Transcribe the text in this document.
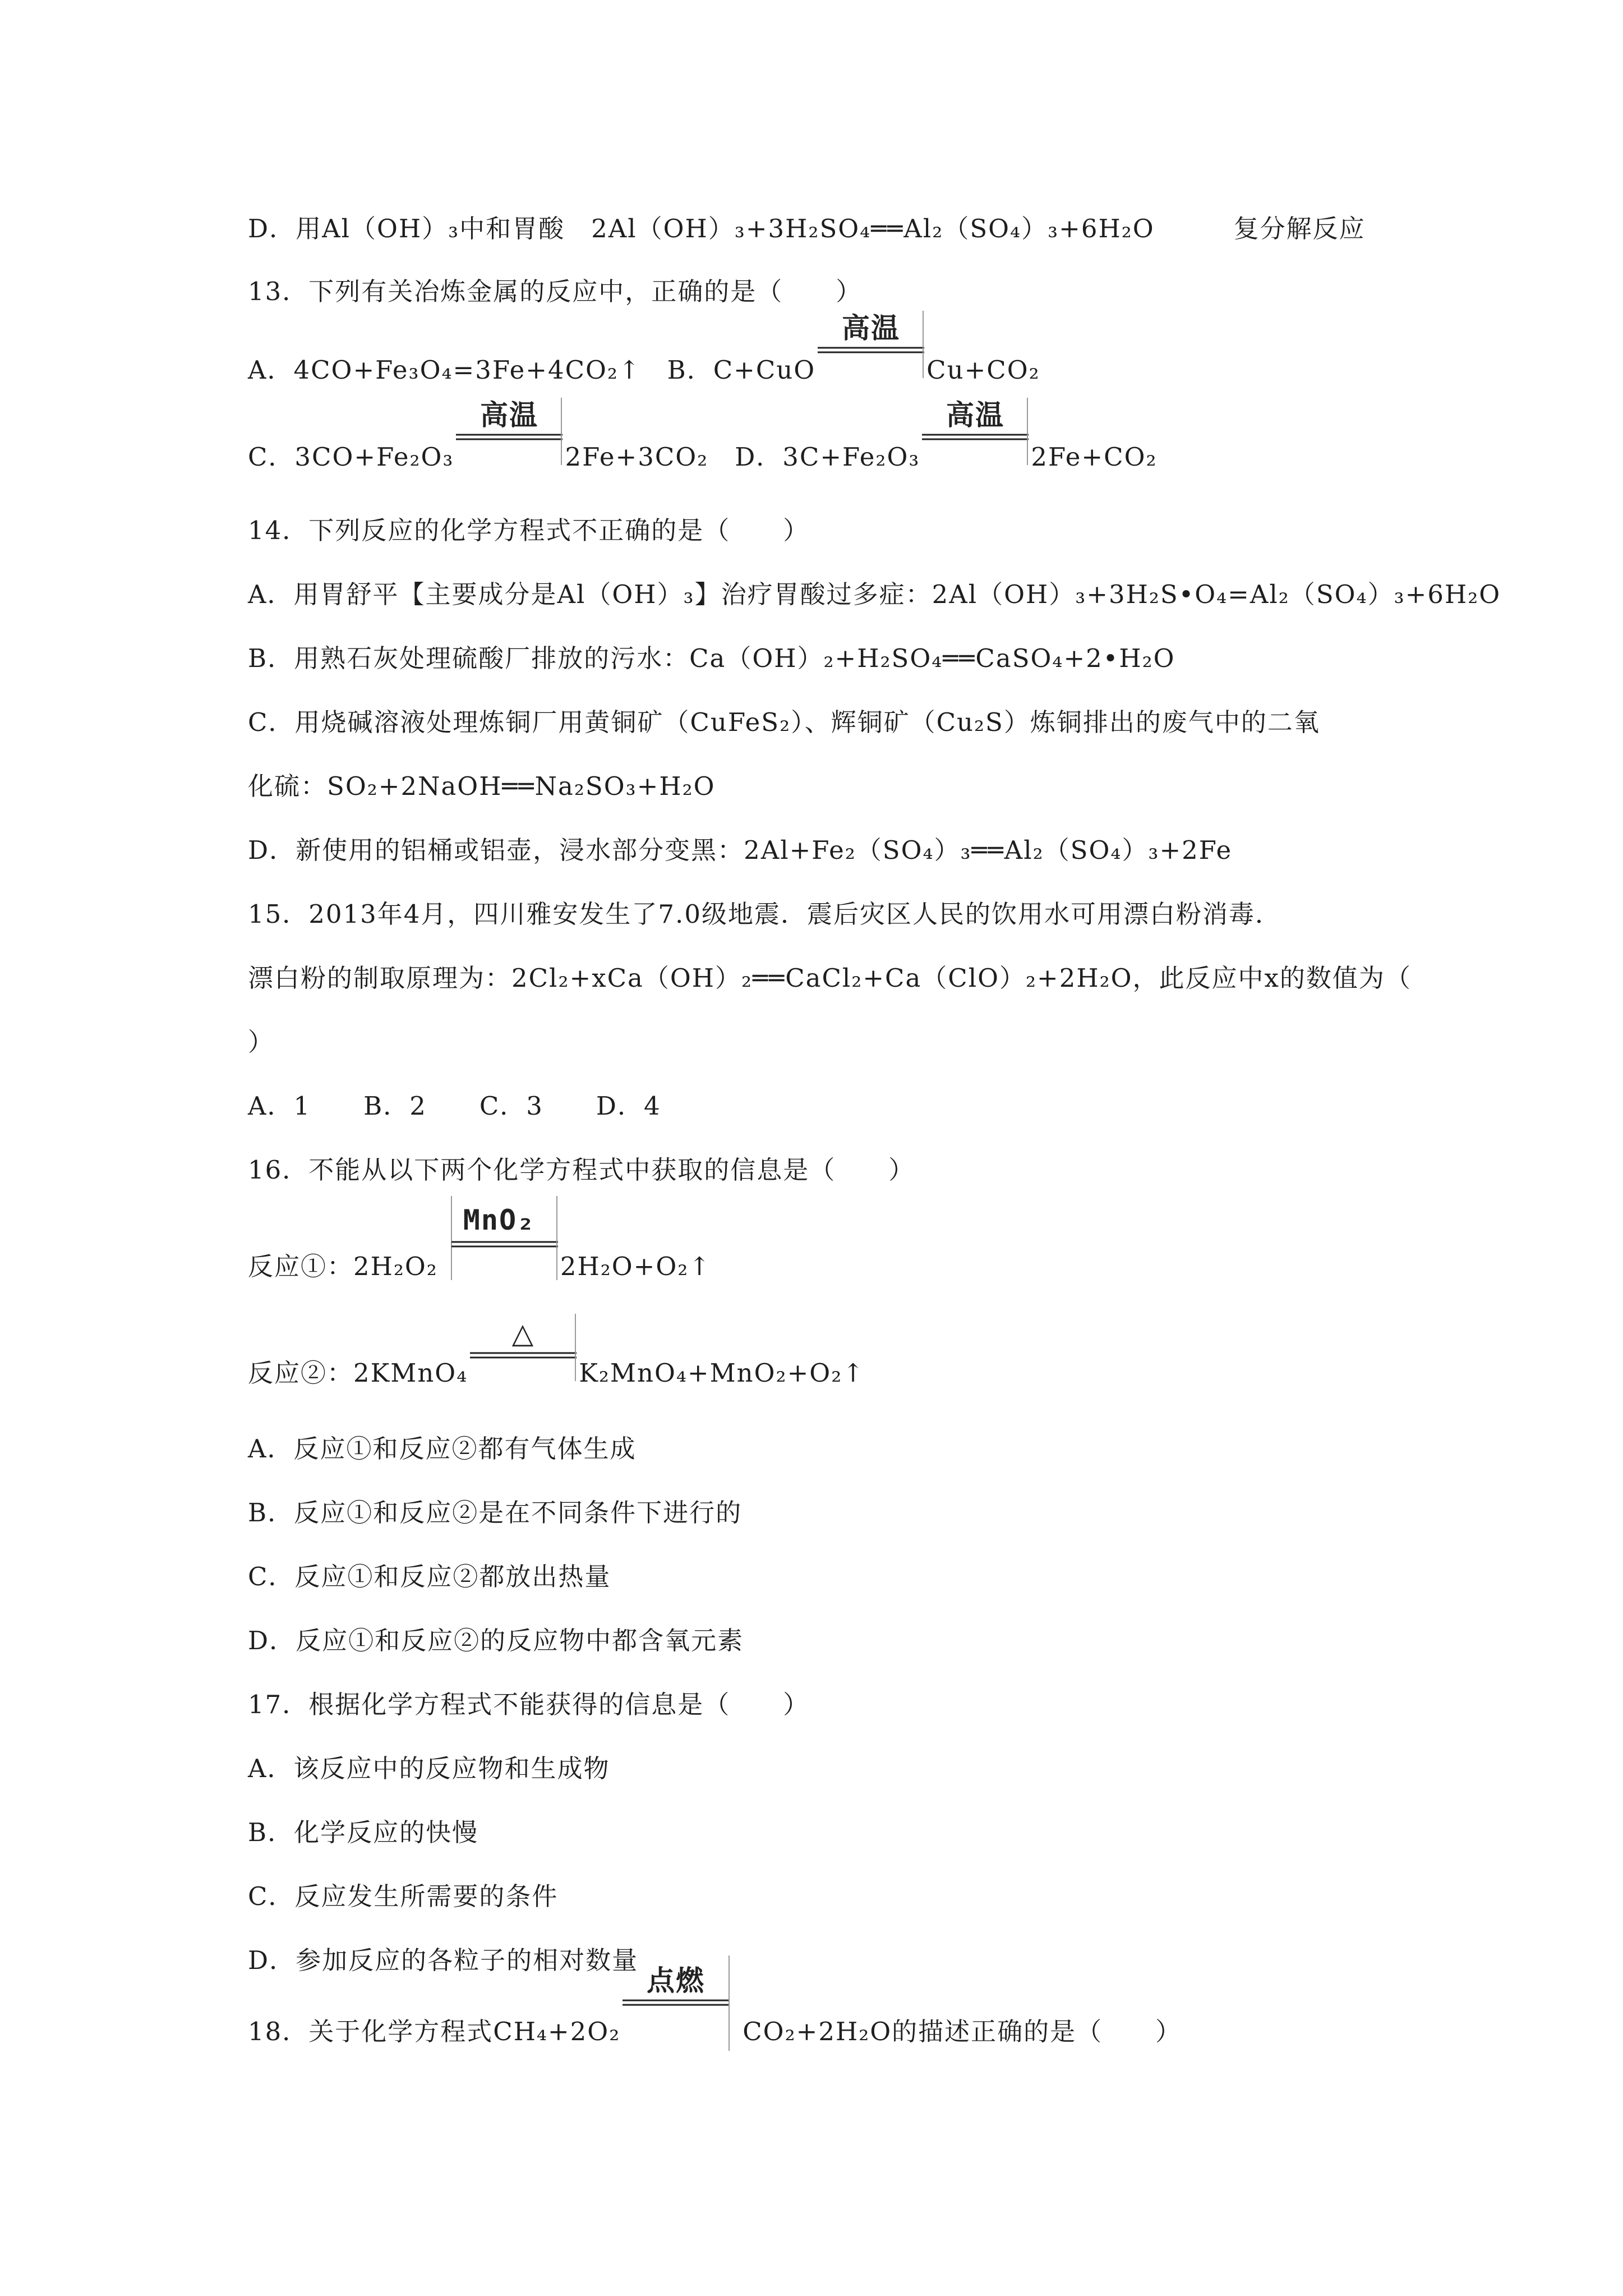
D．用Al（OH）₃中和胃酸　2Al（OH）₃+3H₂SO₄══Al₂（SO₄）₃+6H₂O　　　复分解反应
13．下列有关冶炼金属的反应中，正确的是（　　）
A．4CO+Fe₃O₄=3Fe+4CO₂↑　B．C+CuO
高温
Cu+CO₂
C．3CO+Fe₂O₃
高温
2Fe+3CO₂　D．3C+Fe₂O₃
高温
2Fe+CO₂
14．下列反应的化学方程式不正确的是（　　）
A．用胃舒平【主要成分是Al（OH）₃】治疗胃酸过多症：2Al（OH）₃+3H₂S•O₄=Al₂（SO₄）₃+6H₂O
B．用熟石灰处理硫酸厂排放的污水：Ca（OH）₂+H₂SO₄══CaSO₄+2•H₂O
C．用烧碱溶液处理炼铜厂用黄铜矿（CuFeS₂）、辉铜矿（Cu₂S）炼铜排出的废气中的二氧
化硫：SO₂+2NaOH══Na₂SO₃+H₂O
D．新使用的铝桶或铝壶，浸水部分变黑：2Al+Fe₂（SO₄）₃══Al₂（SO₄）₃+2Fe
15．2013年4月，四川雅安发生了7.0级地震．震后灾区人民的饮用水可用漂白粉消毒．
漂白粉的制取原理为：2Cl₂+xCa（OH）₂══CaCl₂+Ca（ClO）₂+2H₂O，此反应中x的数值为（
）
A．1　　B．2　　C．3　　D．4
16．不能从以下两个化学方程式中获取的信息是（　　）
反应①：2H₂O₂
MnO₂
2H₂O+O₂↑
反应②：2KMnO₄
△
K₂MnO₄+MnO₂+O₂↑
A．反应①和反应②都有气体生成
B．反应①和反应②是在不同条件下进行的
C．反应①和反应②都放出热量
D．反应①和反应②的反应物中都含氧元素
17．根据化学方程式不能获得的信息是（　　）
A．该反应中的反应物和生成物
B．化学反应的快慢
C．反应发生所需要的条件
D．参加反应的各粒子的相对数量
18．关于化学方程式CH₄+2O₂
点燃
CO₂+2H₂O的描述正确的是（　　）
